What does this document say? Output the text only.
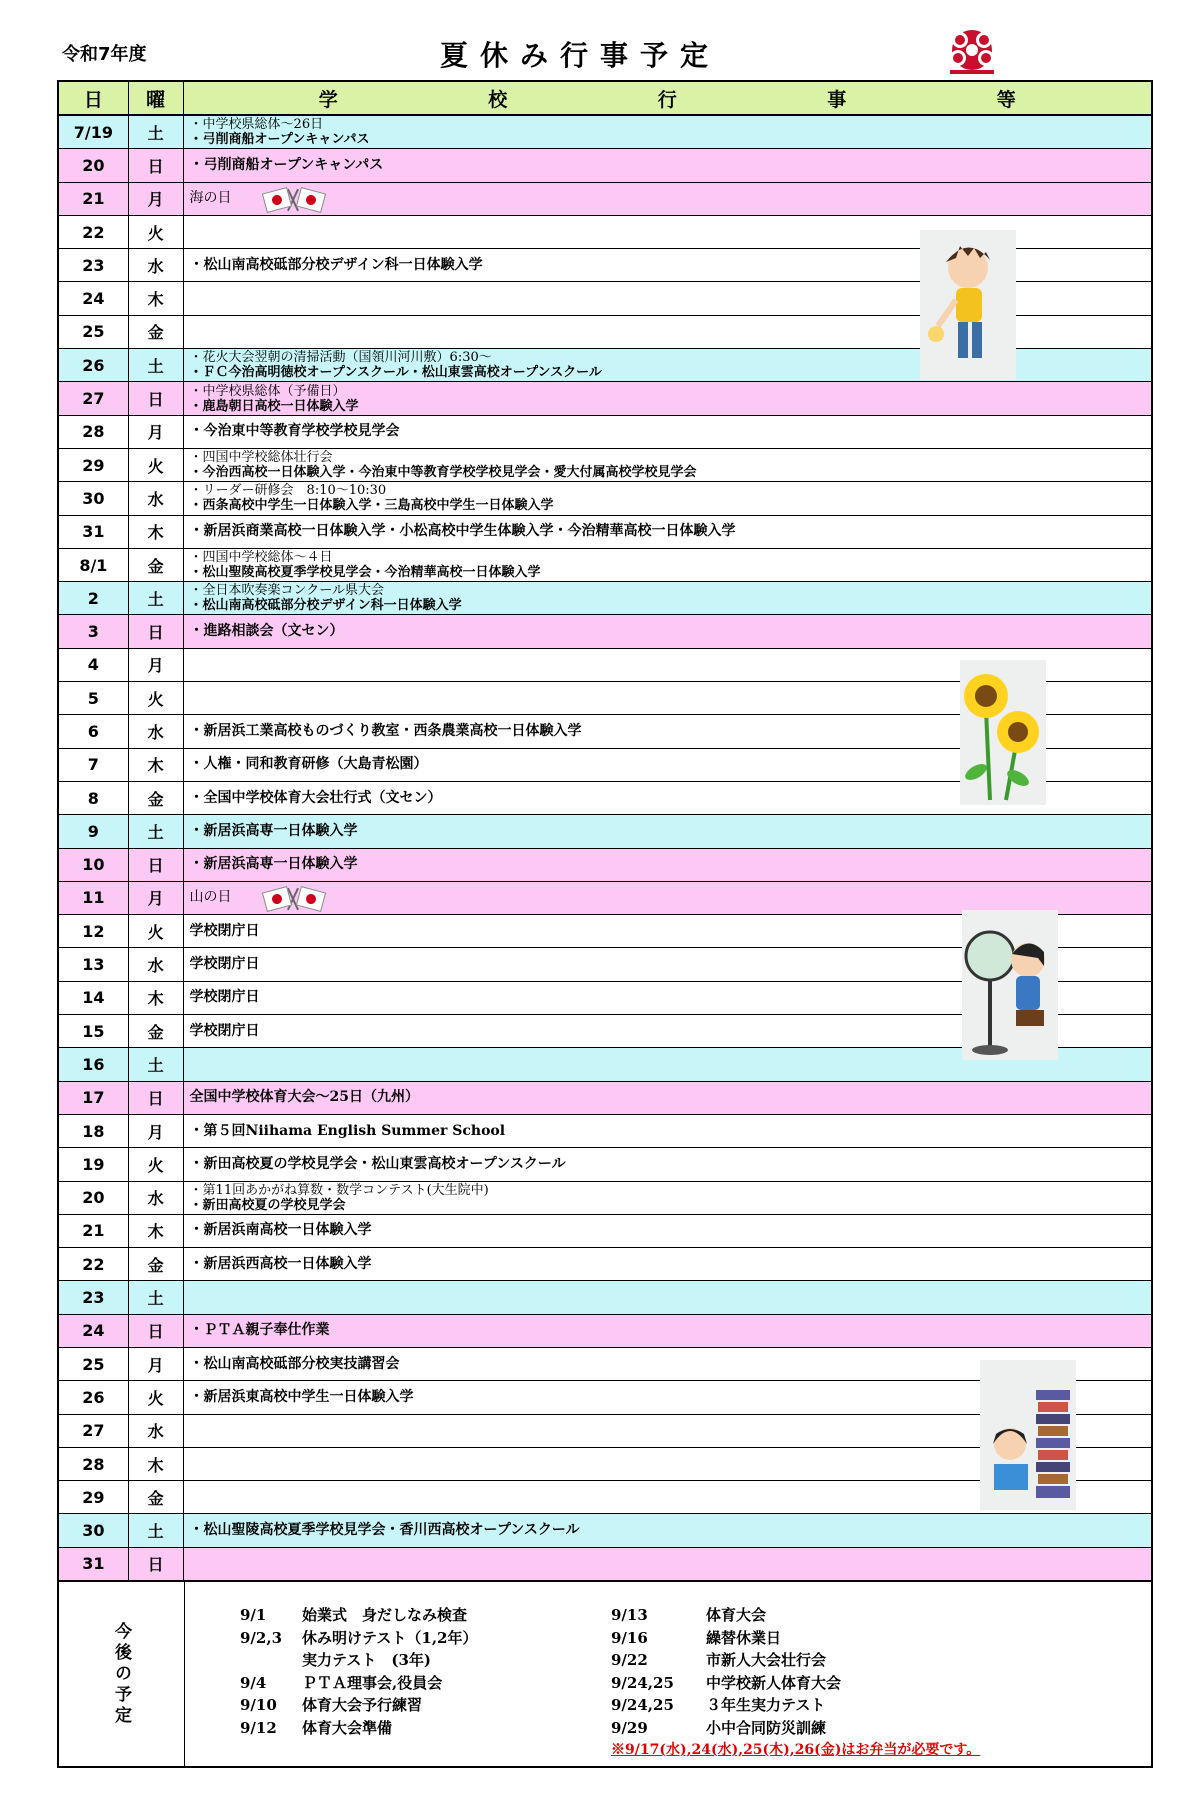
令和7年度	夏休み行事予定
日	曜	学	校	行	事	等
7/19	土	・中学校県総体～26日
・弓削商船オープンキャンパス
20	日	・弓削商船オープンキャンパス
21	月	海の日
22	火
23	水	・松山南高校砥部分校デザイン科一日体験入学
24	木
25	金
26	土	・花火大会翌朝の清掃活動（国領川河川敷）6:30～
・ＦＣ今治高明徳校オープンスクール・松山東雲高校オープンスクール
27	日	・中学校県総体（予備日）
・鹿島朝日高校一日体験入学
28	月	・今治東中等教育学校学校見学会
29	火	・四国中学校総体壮行会
・今治西高校一日体験入学・今治東中等教育学校学校見学会・愛大付属高校学校見学会
30	水	・リーダー研修会　8:10～10:30
・西条高校中学生一日体験入学・三島高校中学生一日体験入学
31	木	・新居浜商業高校一日体験入学・小松高校中学生体験入学・今治精華高校一日体験入学
8/1	金	・四国中学校総体～４日
・松山聖陵高校夏季学校見学会・今治精華高校一日体験入学
2	土	・全日本吹奏楽コンクール県大会
・松山南高校砥部分校デザイン科一日体験入学
3	日	・進路相談会（文セン）
4	月
5	火
6	水	・新居浜工業高校ものづくり教室・西条農業高校一日体験入学
7	木	・人権・同和教育研修（大島青松園）
8	金	・全国中学校体育大会壮行式（文セン）
9	土	・新居浜高専一日体験入学
10	日	・新居浜高専一日体験入学
11	月	山の日
12	火	学校閉庁日
13	水	学校閉庁日
14	木	学校閉庁日
15	金	学校閉庁日
16	土
17	日	全国中学校体育大会～25日（九州）
18	月	・第５回Niihama English Summer School
19	火	・新田高校夏の学校見学会・松山東雲高校オープンスクール
20	水	・第11回あかがね算数・数学コンテスト(大生院中)
・新田高校夏の学校見学会
21	木	・新居浜南高校一日体験入学
22	金	・新居浜西高校一日体験入学
23	土
24	日	・ＰＴＡ親子奉仕作業
25	月	・松山南高校砥部分校実技講習会
26	火	・新居浜東高校中学生一日体験入学
27	水
28	木
29	金
30	土	・松山聖陵高校夏季学校見学会・香川西高校オープンスクール
31	日
今後の予定
9/1	始業式　身だしなみ検査
9/2,3	休み明けテスト（1,2年）
実力テスト　(3年)
9/4	ＰＴＡ理事会,役員会
9/10	体育大会予行練習
9/12	体育大会準備
9/13	体育大会
9/16	繰替休業日
9/22	市新人大会壮行会
9/24,25	中学校新人体育大会
9/24,25	３年生実力テスト
9/29	小中合同防災訓練
※9/17(水),24(水),25(木),26(金)はお弁当が必要です。
